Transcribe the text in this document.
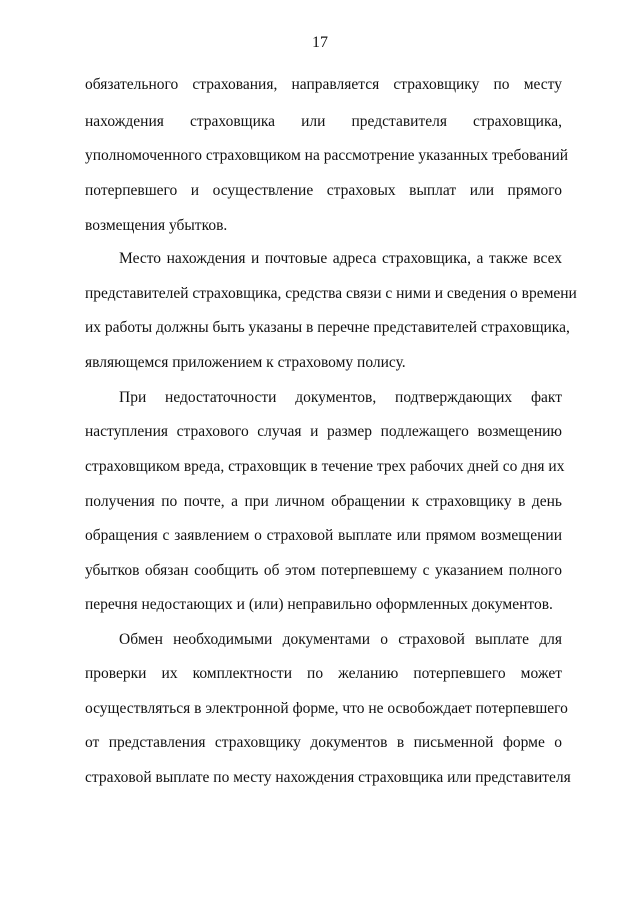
17
обязательного страхования, направляется страховщику по месту
нахождения страховщика или представителя страховщика,
уполномоченного страховщиком на рассмотрение указанных требований
потерпевшего и осуществление страховых выплат или прямого
возмещения убытков.
Место нахождения и почтовые адреса страховщика, а также всех
представителей страховщика, средства связи с ними и сведения о времени
их работы должны быть указаны в перечне представителей страховщика,
являющемся приложением к страховому полису.
При недостаточности документов, подтверждающих факт
наступления страхового случая и размер подлежащего возмещению
страховщиком вреда, страховщик в течение трех рабочих дней со дня их
получения по почте, а при личном обращении к страховщику в день
обращения с заявлением о страховой выплате или прямом возмещении
убытков обязан сообщить об этом потерпевшему с указанием полного
перечня недостающих и (или) неправильно оформленных документов.
Обмен необходимыми документами о страховой выплате для
проверки их комплектности по желанию потерпевшего может
осуществляться в электронной форме, что не освобождает потерпевшего
от представления страховщику документов в письменной форме о
страховой выплате по месту нахождения страховщика или представителя
